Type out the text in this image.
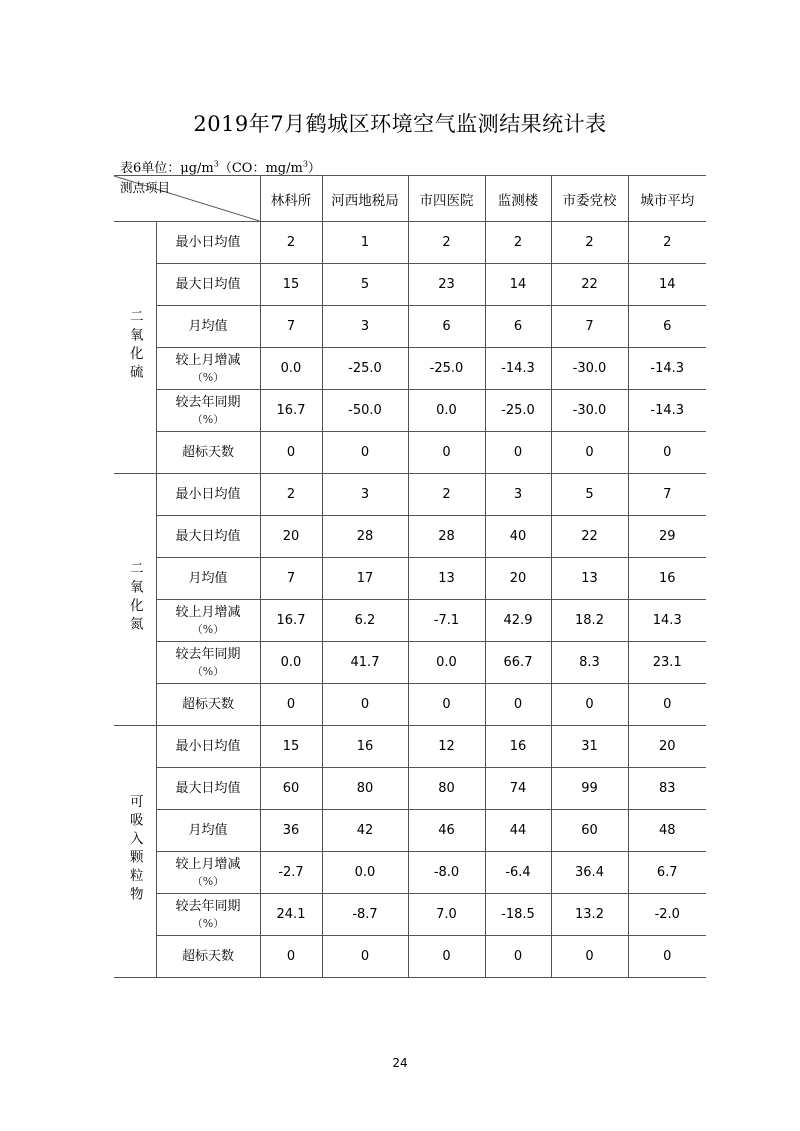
2019年7月鹤城区环境空气监测结果统计表
表6单位：$\mu g/m^3(CO$：$mg/m^3$）
测点项目		林科所	河西地税局	市四医院	监测楼	市委党校	城市平均
二氧化硫	最小日均值	2	1	2	2	2	2

	最大日均值	15	5	23	14	22	14

	月均值	7	3	6	6	7	6

	较上月增减
（%）	0.0	-25.0	-25.0	-14.3	-30.0	-14.3

	较去年同期
（%）	16.7	-50.0	0.0	-25.0	-30.0	-14.3

	超标天数	0	0	0	0	0	0
二氧化氮	最小日均值	2	3	2	3	5	7

	最大日均值	20	28	28	40	22	29

	月均值	7	17	13	20	13	16

	较上月增减
（%）	16.7	6.2	-7.1	42.9	18.2	14.3

	较去年同期
（%）	0.0	41.7	0.0	66.7	8.3	23.1

	超标天数	0	0	0	0	0	0
可吸入颗粒物	最小日均值	15	16	12	16	31	20

	最大日均值	60	80	80	74	99	83

	月均值	36	42	46	44	60	48

	较上月增减
（%）	-2.7	0.0	-8.0	-6.4	36.4	6.7

	较去年同期
（%）	24.1	-8.7	7.0	-18.5	13.2	-2.0

	超标天数	0	0	0	0	0	0
24
